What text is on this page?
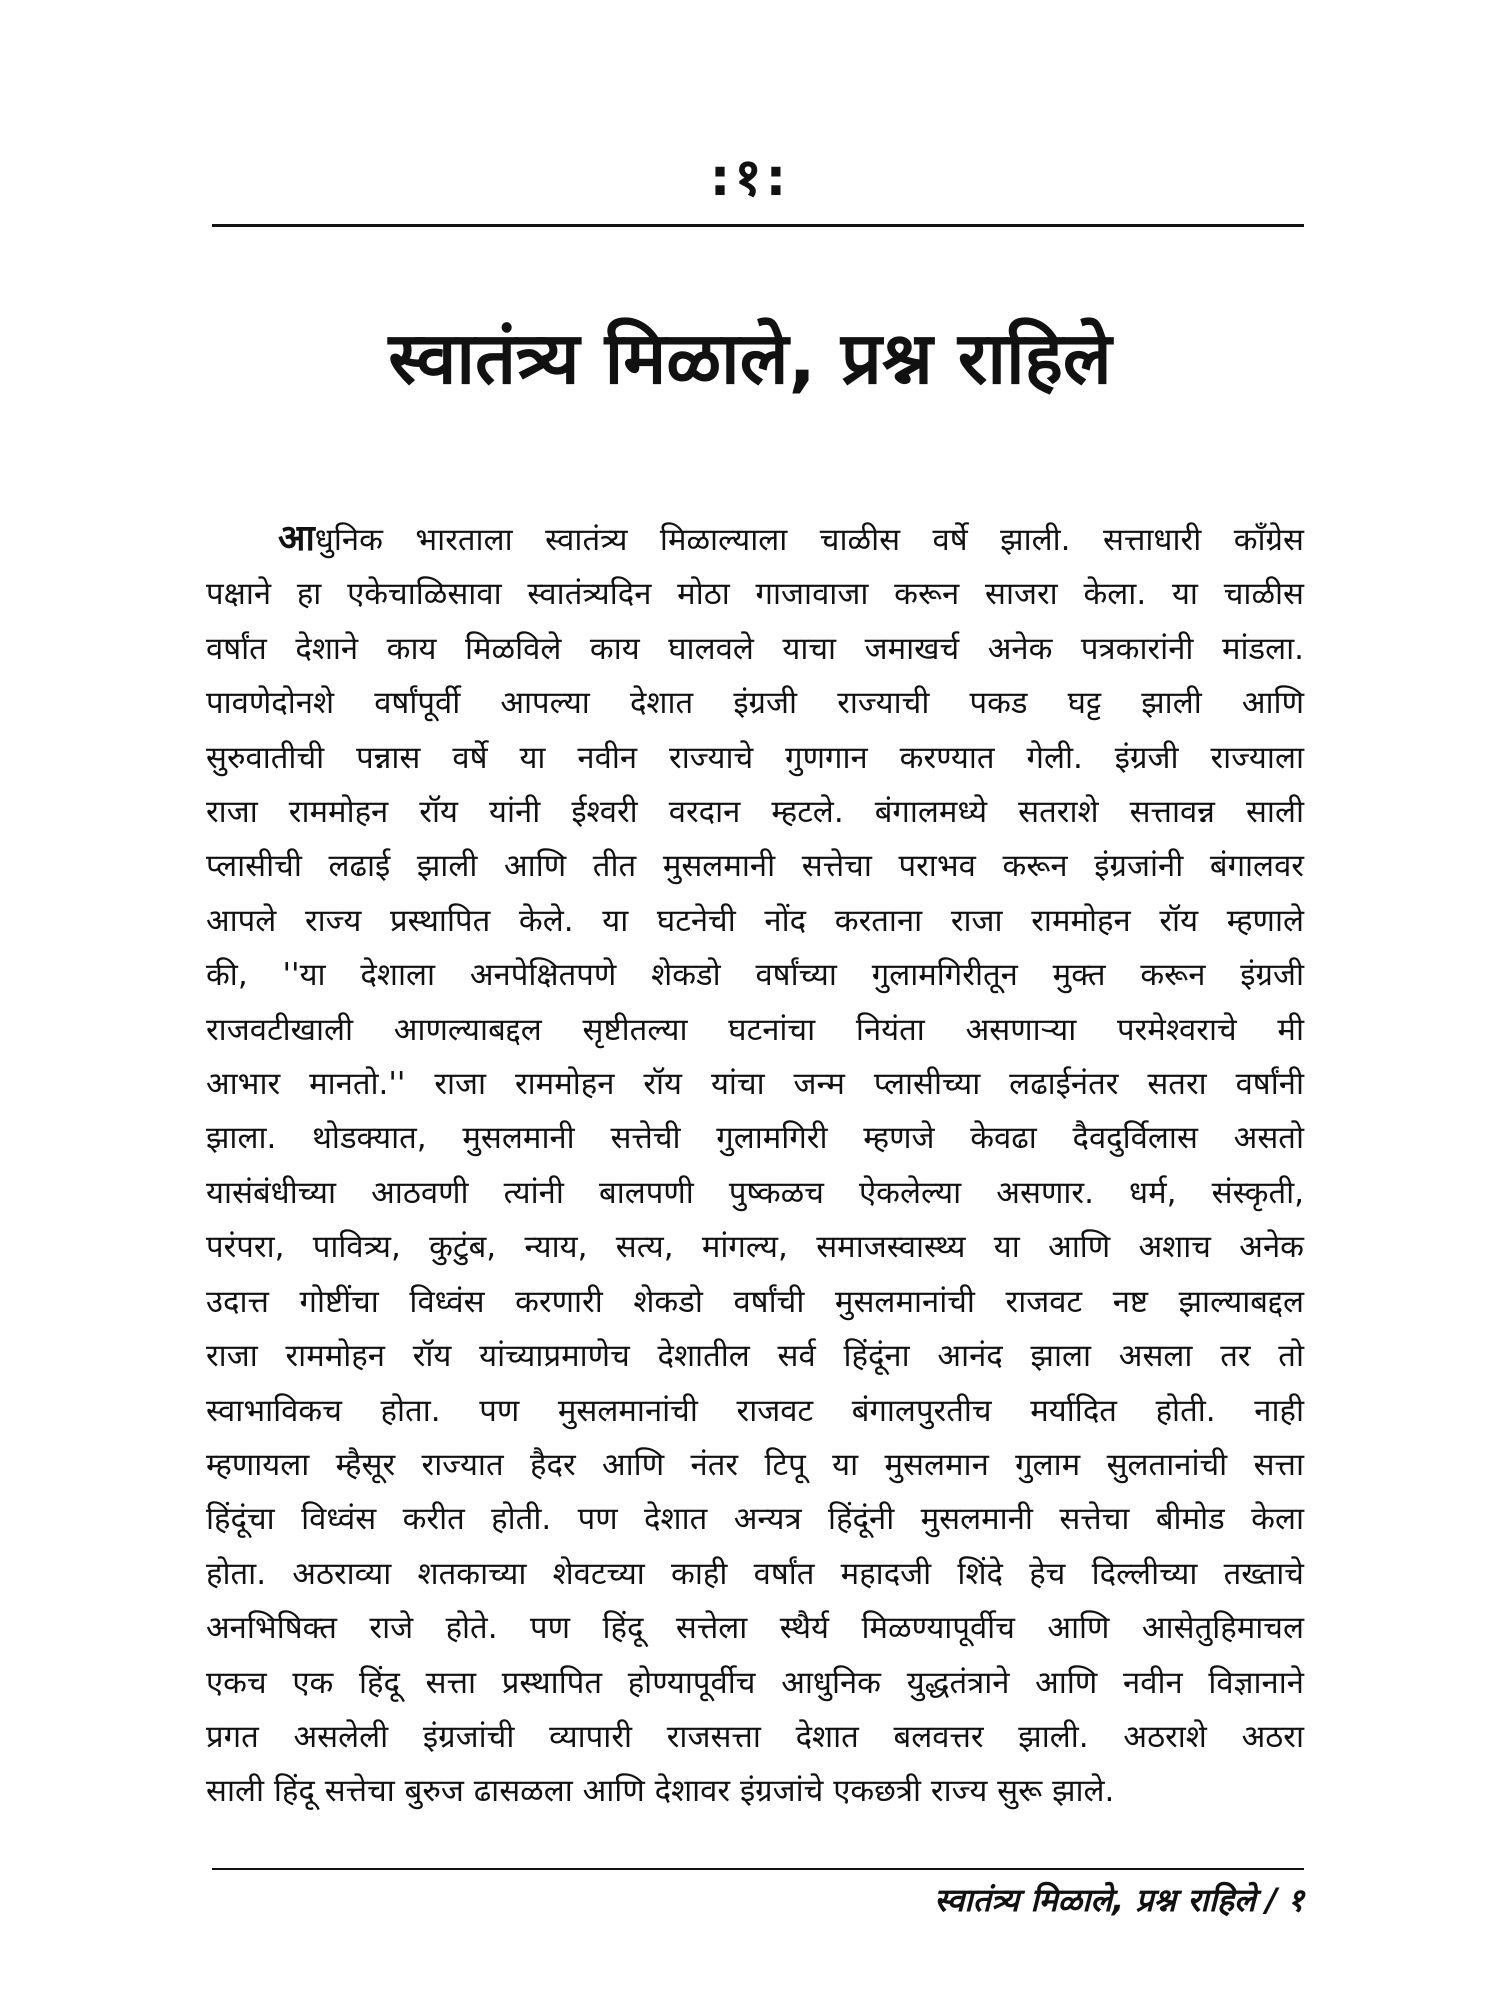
:१:
स्वातंत्र्य मिळाले, प्रश्न राहिले
आधुनिक भारताला स्वातंत्र्य मिळाल्याला चाळीस वर्षे झाली. सत्ताधारी काँग्रेस
पक्षाने हा एकेचाळिसावा स्वातंत्र्यदिन मोठा गाजावाजा करून साजरा केला. या चाळीस
वर्षांत देशाने काय मिळविले काय घालवले याचा जमाखर्च अनेक पत्रकारांनी मांडला.
पावणेदोनशे वर्षांपूर्वी आपल्या देशात इंग्रजी राज्याची पकड घट्ट झाली आणि
सुरुवातीची पन्नास वर्षे या नवीन राज्याचे गुणगान करण्यात गेली. इंग्रजी राज्याला
राजा राममोहन रॉय यांनी ईश्वरी वरदान म्हटले. बंगालमध्ये सतराशे सत्तावन्न साली
प्लासीची लढाई झाली आणि तीत मुसलमानी सत्तेचा पराभव करून इंग्रजांनी बंगालवर
आपले राज्य प्रस्थापित केले. या घटनेची नोंद करताना राजा राममोहन रॉय म्हणाले
की, ''या देशाला अनपेक्षितपणे शेकडो वर्षांच्या गुलामगिरीतून मुक्त करून इंग्रजी
राजवटीखाली आणल्याबद्दल सृष्टीतल्या घटनांचा नियंता असणाऱ्या परमेश्वराचे मी
आभार मानतो.'' राजा राममोहन रॉय यांचा जन्म प्लासीच्या लढाईनंतर सतरा वर्षांनी
झाला. थोडक्यात, मुसलमानी सत्तेची गुलामगिरी म्हणजे केवढा दैवदुर्विलास असतो
यासंबंधीच्या आठवणी त्यांनी बालपणी पुष्कळच ऐकलेल्या असणार. धर्म, संस्कृती,
परंपरा, पावित्र्य, कुटुंब, न्याय, सत्य, मांगल्य, समाजस्वास्थ्य या आणि अशाच अनेक
उदात्त गोष्टींचा विध्वंस करणारी शेकडो वर्षांची मुसलमानांची राजवट नष्ट झाल्याबद्दल
राजा राममोहन रॉय यांच्याप्रमाणेच देशातील सर्व हिंदूंना आनंद झाला असला तर तो
स्वाभाविकच होता. पण मुसलमानांची राजवट बंगालपुरतीच मर्यादित होती. नाही
म्हणायला म्हैसूर राज्यात हैदर आणि नंतर टिपू या मुसलमान गुलाम सुलतानांची सत्ता
हिंदूंचा विध्वंस करीत होती. पण देशात अन्यत्र हिंदूंनी मुसलमानी सत्तेचा बीमोड केला
होता. अठराव्या शतकाच्या शेवटच्या काही वर्षांत महादजी शिंदे हेच दिल्लीच्या तख्ताचे
अनभिषिक्त राजे होते. पण हिंदू सत्तेला स्थैर्य मिळण्यापूर्वीच आणि आसेतुहिमाचल
एकच एक हिंदू सत्ता प्रस्थापित होण्यापूर्वीच आधुनिक युद्धतंत्राने आणि नवीन विज्ञानाने
प्रगत असलेली इंग्रजांची व्यापारी राजसत्ता देशात बलवत्तर झाली. अठराशे अठरा
साली हिंदू सत्तेचा बुरुज ढासळला आणि देशावर इंग्रजांचे एकछत्री राज्य सुरू झाले.
स्वातंत्र्य मिळाले, प्रश्न राहिले / १
